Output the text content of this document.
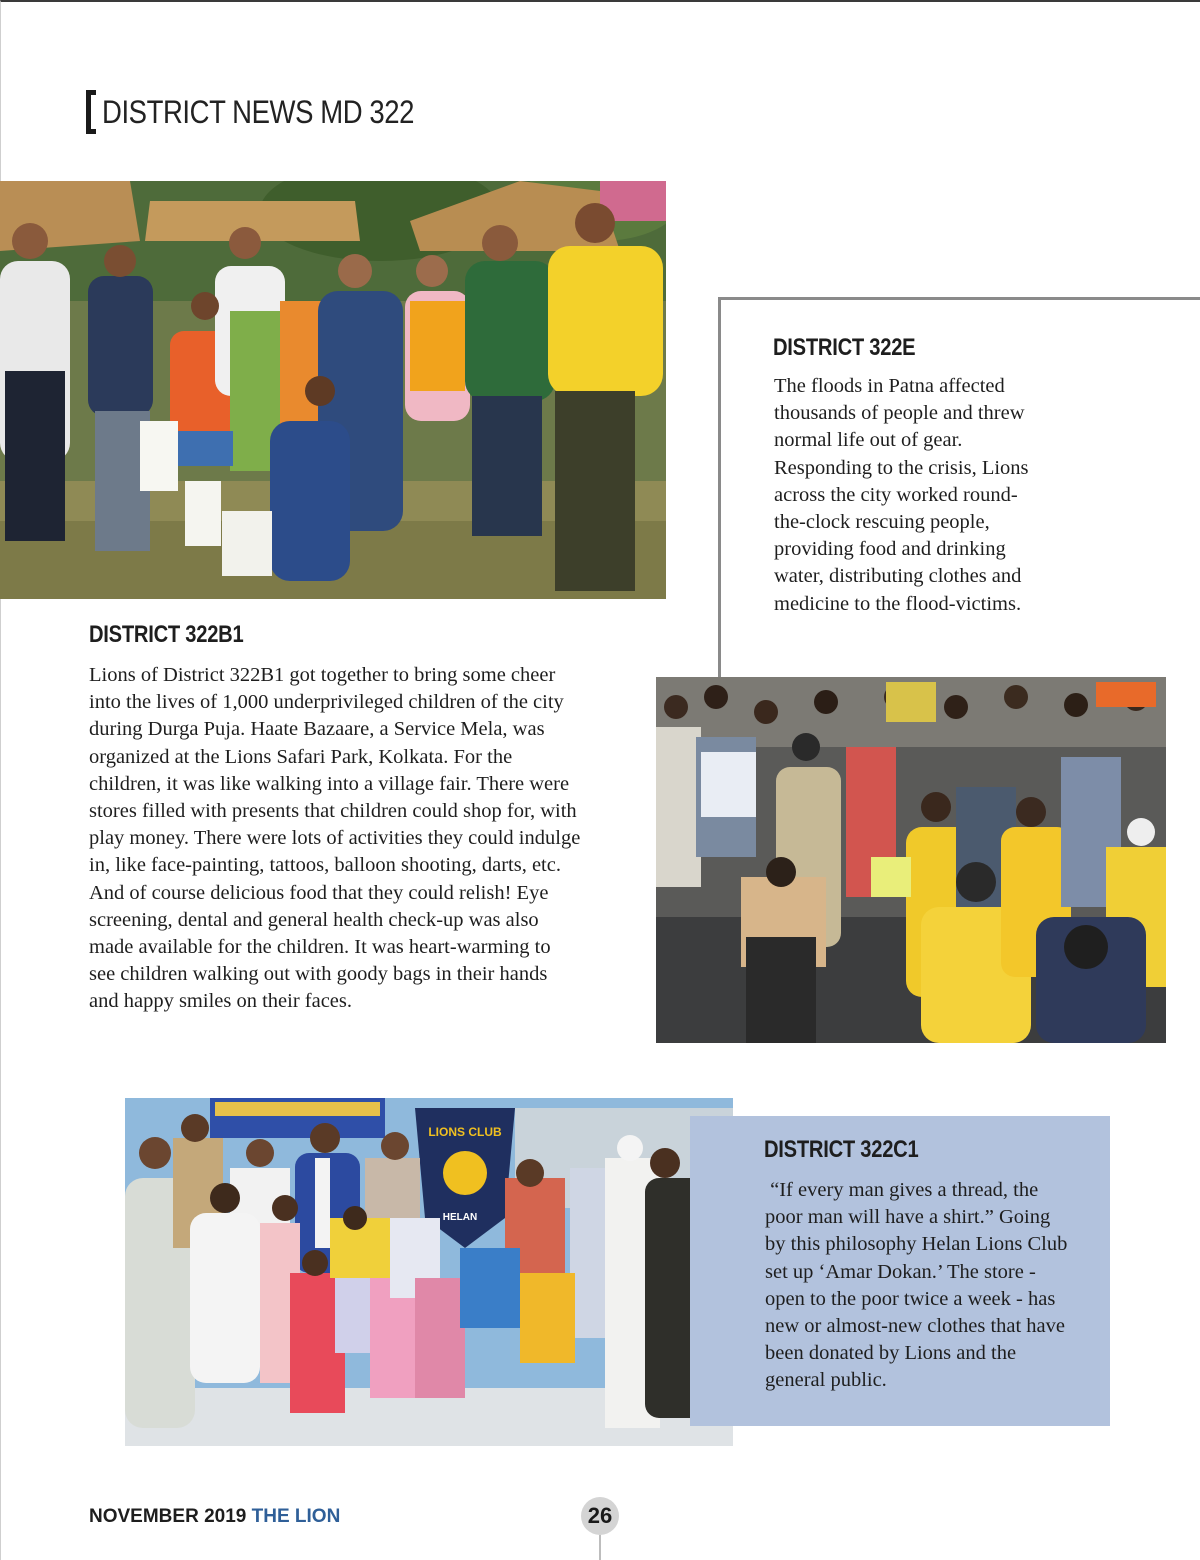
DISTRICT NEWS MD 322
DISTRICT 322E
The floods in Patna affected
thousands of people and threw
normal life out of gear.
Responding to the crisis, Lions
across the city worked round-
the-clock rescuing people,
providing food and drinking
water, distributing clothes and
medicine to the flood-victims.
DISTRICT 322B1
Lions of District 322B1 got together to bring some cheer
into the lives of 1,000 underprivileged children of the city
during Durga Puja. Haate Bazaare, a Service Mela, was
organized at the Lions Safari Park, Kolkata. For the
children, it was like walking into a village fair. There were
stores filled with presents that children could shop for, with
play money. There were lots of activities they could indulge
in, like face-painting, tattoos, balloon shooting, darts, etc.
And of course delicious food that they could relish! Eye
screening, dental and general health check-up was also
made available for the children. It was heart-warming to
see children walking out with goody bags in their hands
and happy smiles on their faces.
LIONS CLUB
HELAN
DISTRICT 322C1
“If every man gives a thread, the
poor man will have a shirt.” Going
by this philosophy Helan Lions Club
set up ‘Amar Dokan.’ The store -
open to the poor twice a week - has
new or almost-new clothes that have
been donated by Lions and the
general public.
NOVEMBER 2019 THE LION	26
